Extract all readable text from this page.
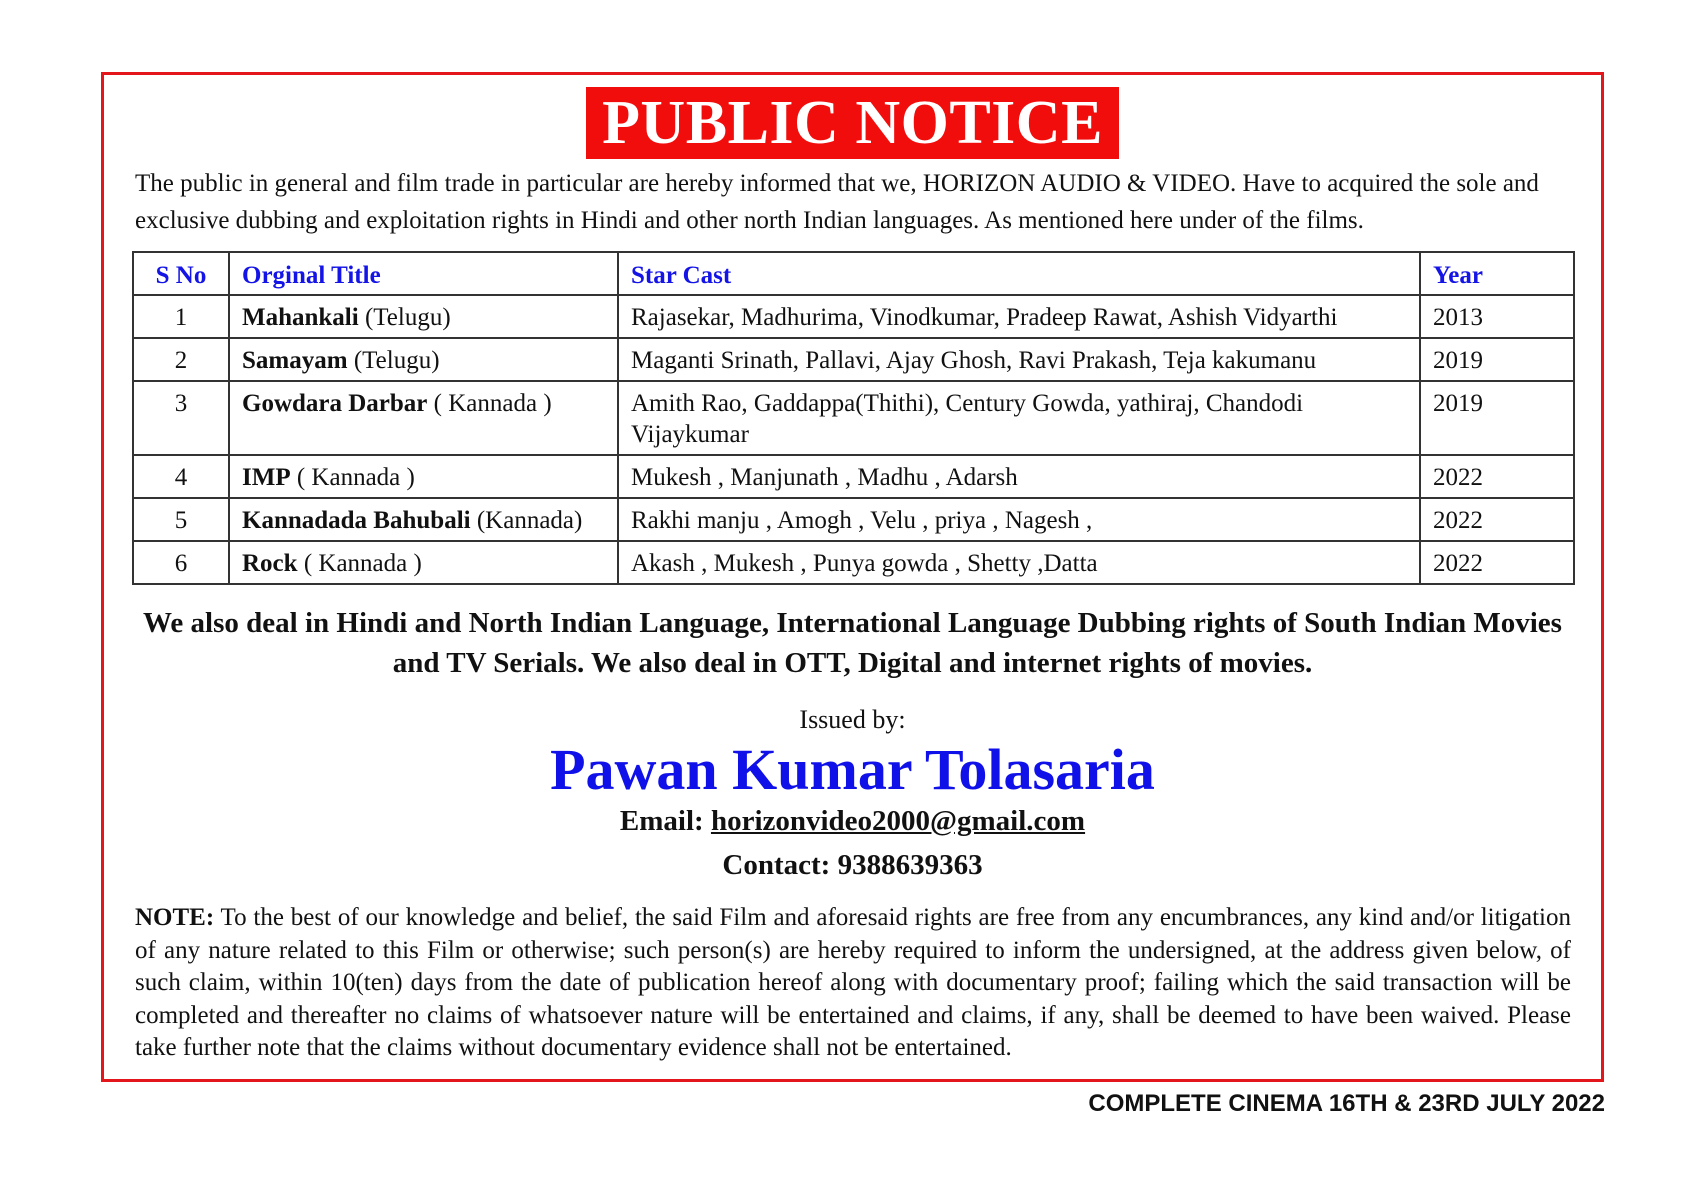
PUBLIC NOTICE

The public in general and film trade in particular are hereby informed that we, HORIZON AUDIO & VIDEO. Have to acquired the sole and exclusive dubbing and exploitation rights in Hindi and other north Indian languages. As mentioned here under of the films.

S No	Orginal Title	Star Cast	Year
1	Mahankali (Telugu)	Rajasekar, Madhurima, Vinodkumar, Pradeep Rawat, Ashish Vidyarthi	2013
2	Samayam (Telugu)	Maganti Srinath, Pallavi, Ajay Ghosh, Ravi Prakash, Teja kakumanu	2019
3	Gowdara Darbar ( Kannada )	Amith Rao, Gaddappa(Thithi), Century Gowda, yathiraj, Chandodi Vijaykumar	2019
4	IMP ( Kannada )	Mukesh , Manjunath , Madhu , Adarsh	2022
5	Kannadada Bahubali (Kannada)	Rakhi manju , Amogh , Velu , priya , Nagesh ,	2022
6	Rock ( Kannada )	Akash , Mukesh , Punya gowda , Shetty ,Datta	2022

We also deal in Hindi and North Indian Language, International Language Dubbing rights of South Indian Movies and TV Serials. We also deal in OTT, Digital and internet rights of movies.

Issued by:
Pawan Kumar Tolasaria
Email: horizonvideo2000@gmail.com
Contact: 9388639363

NOTE: To the best of our knowledge and belief, the said Film and aforesaid rights are free from any encumbrances, any kind and/or litigation of any nature related to this Film or otherwise; such person(s) are hereby required to inform the undersigned, at the address given below, of such claim, within 10(ten) days from the date of publication hereof along with documentary proof; failing which the said transaction will be completed and thereafter no claims of whatsoever nature will be entertained and claims, if any, shall be deemed to have been waived. Please take further note that the claims without documentary evidence shall not be entertained.

COMPLETE CINEMA 16TH & 23RD JULY 2022
